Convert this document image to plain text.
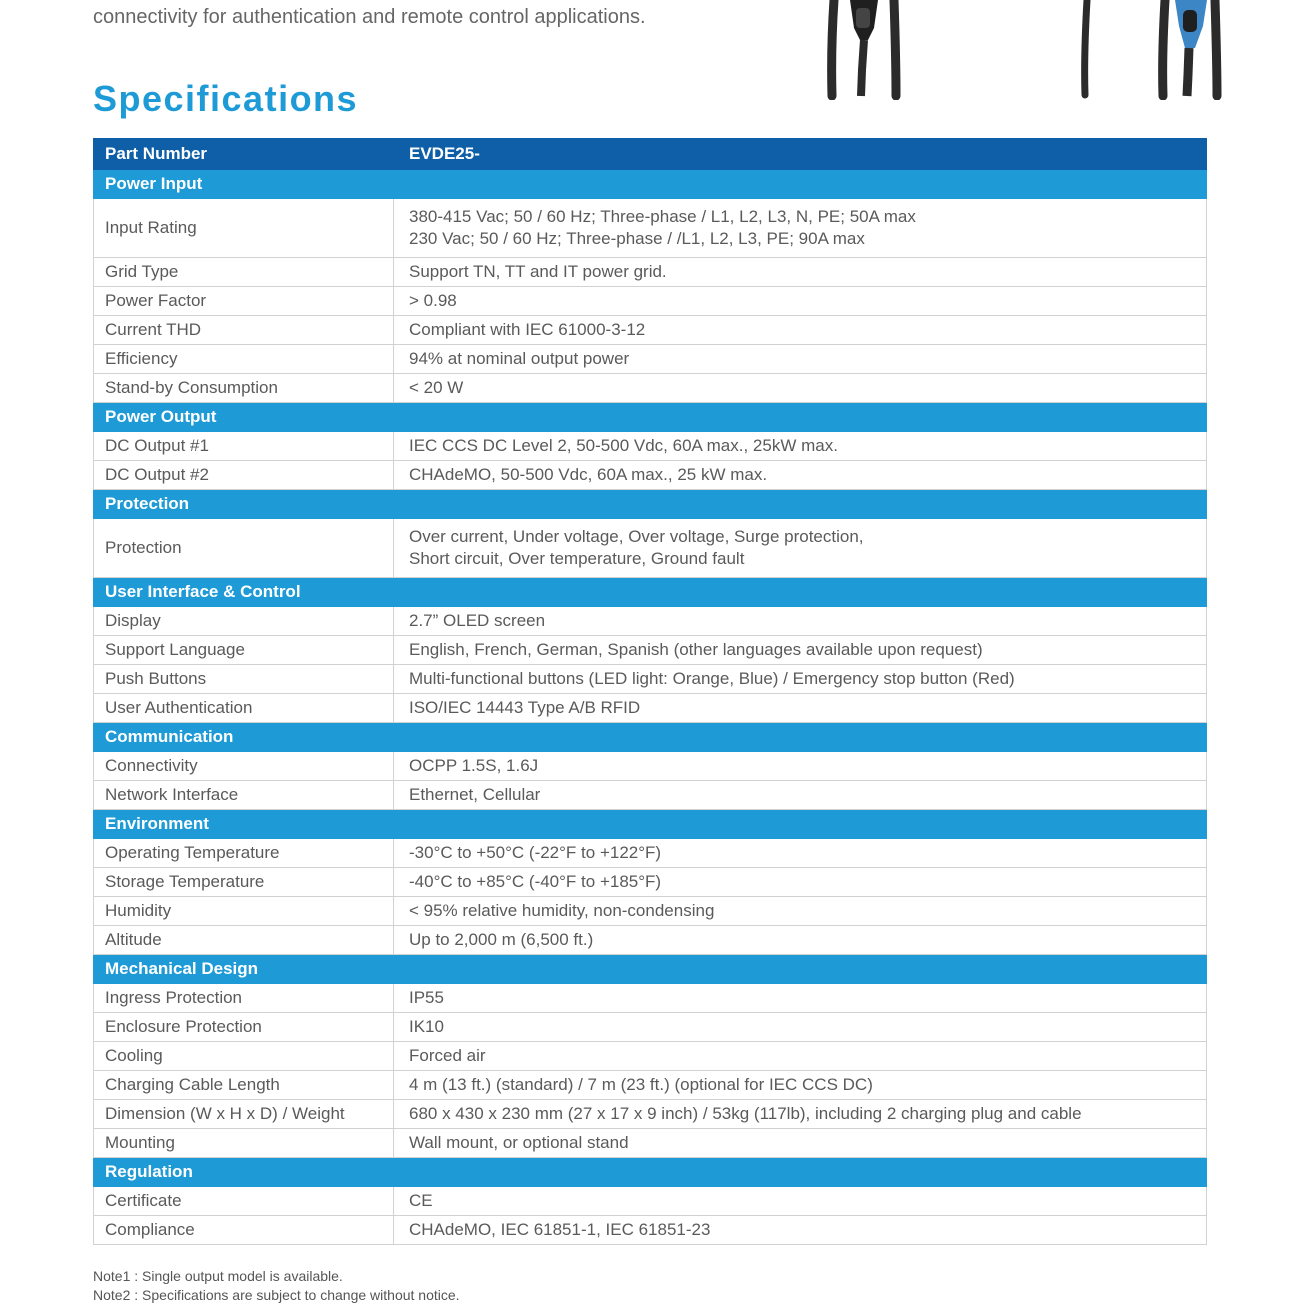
connectivity for authentication and remote control applications.
Specifications
Part Number	EVDE25-
Power Input	
Input Rating	380-415 Vac; 50 / 60 Hz; Three-phase / L1, L2, L3, N, PE; 50A max
230 Vac; 50 / 60 Hz; Three-phase / /L1, L2, L3, PE; 90A max

Grid Type	Support TN, TT and IT power grid.

Power Factor	> 0.98

Current THD	Compliant with IEC 61000-3-12

Efficiency	94% at nominal output power

Stand-by Consumption	< 20 W

Power Output	
DC Output #1	IEC CCS DC Level 2, 50-500 Vdc, 60A max., 25kW max.

DC Output #2	CHAdeMO, 50-500 Vdc, 60A max., 25 kW max.

Protection	
Protection	Over current, Under voltage, Over voltage, Surge protection,
Short circuit, Over temperature, Ground fault

User Interface & Control	
Display	2.7” OLED screen

Support Language	English, French, German, Spanish (other languages available upon request)

Push Buttons	Multi-functional buttons (LED light: Orange, Blue) / Emergency stop button (Red)

User Authentication	ISO/IEC 14443 Type A/B RFID

Communication	
Connectivity	OCPP 1.5S, 1.6J

Network Interface	Ethernet, Cellular

Environment	
Operating Temperature	-30°C to +50°C (-22°F to +122°F)

Storage Temperature	-40°C to +85°C (-40°F to +185°F)

Humidity	< 95% relative humidity, non-condensing

Altitude	Up to 2,000 m (6,500 ft.)

Mechanical Design	
Ingress Protection	IP55

Enclosure Protection	IK10

Cooling	Forced air

Charging Cable Length	4 m (13 ft.) (standard) / 7 m (23 ft.) (optional for IEC CCS DC)

Dimension (W x H x D) / Weight	680 x 430 x 230 mm (27 x 17 x 9 inch) / 53kg (117lb), including 2 charging plug and cable

Mounting	Wall mount, or optional stand

Regulation	
Certificate	CE

Compliance	CHAdeMO, IEC 61851-1, IEC 61851-23
Note1 : Single output model is available.
Note2 : Specifications are subject to change without notice.
